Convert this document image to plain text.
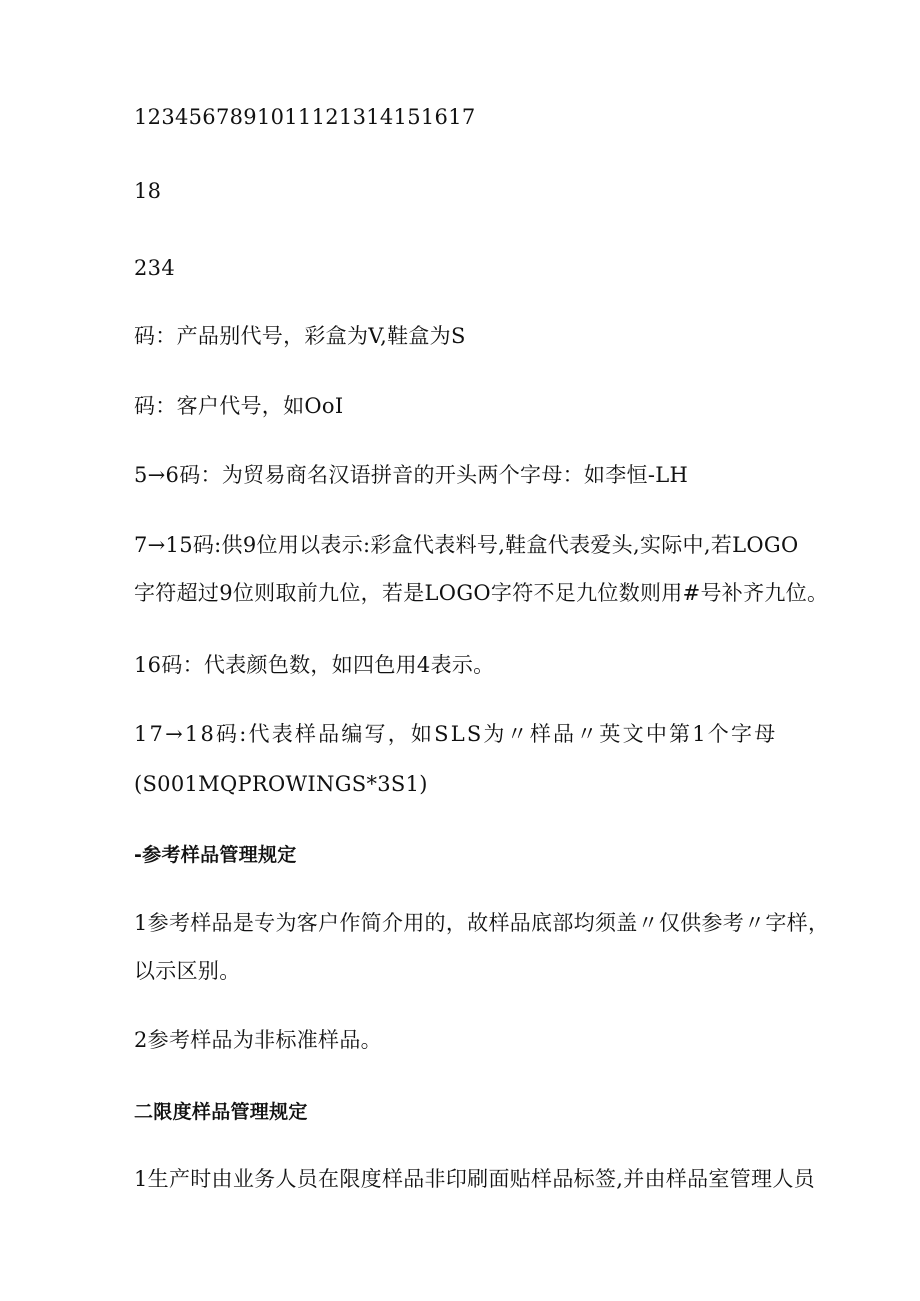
1234567891011121314151617
18
234
码：产品别代号，彩盒为V,鞋盒为S
码：客户代号，如OoI
5→6码：为贸易商名汉语拼音的开头两个字母：如李恒-LH
7→15码:供9位用以表示:彩盒代表料号,鞋盒代表爱头,实际中,若LOGO
字符超过9位则取前九位，若是LOGO字符不足九位数则用#号补齐九位。
16码：代表颜色数，如四色用4表示。
17→18码:代表样品编写，如SLS为〃样品〃英文中第1个字母
(S001MQPROWINGS*3S1)
-参考样品管理规定
1参考样品是专为客户作简介用的，故样品底部均须盖〃仅供参考〃字样，
以示区别。
2参考样品为非标准样品。
二限度样品管理规定
1生产时由业务人员在限度样品非印刷面贴样品标签,并由样品室管理人员
